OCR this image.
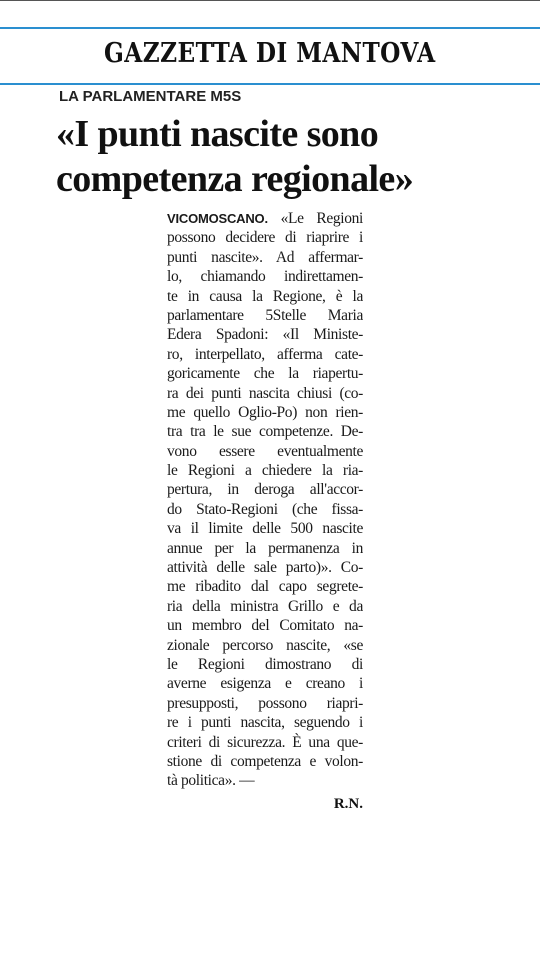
GAZZETTA DI MANTOVA
LA PARLAMENTARE M5S
«I punti nascite sono
competenza regionale»
VICOMOSCANO. «Le Regioni
possono decidere di riaprire i
punti nascite». Ad affermar-
lo, chiamando indirettamen-
te in causa la Regione, è la
parlamentare 5Stelle Maria
Edera Spadoni: «Il Ministe-
ro, interpellato, afferma cate-
goricamente che la riapertu-
ra dei punti nascita chiusi (co-
me quello Oglio-Po) non rien-
tra tra le sue competenze. De-
vono essere eventualmente
le Regioni a chiedere la ria-
pertura, in deroga all'accor-
do Stato-Regioni (che fissa-
va il limite delle 500 nascite
annue per la permanenza in
attività delle sale parto)». Co-
me ribadito dal capo segrete-
ria della ministra Grillo e da
un membro del Comitato na-
zionale percorso nascite, «se
le Regioni dimostrano di
averne esigenza e creano i
presupposti, possono riapri-
re i punti nascita, seguendo i
criteri di sicurezza. È una que-
stione di competenza e volon-
tà politica». —
R.N.
